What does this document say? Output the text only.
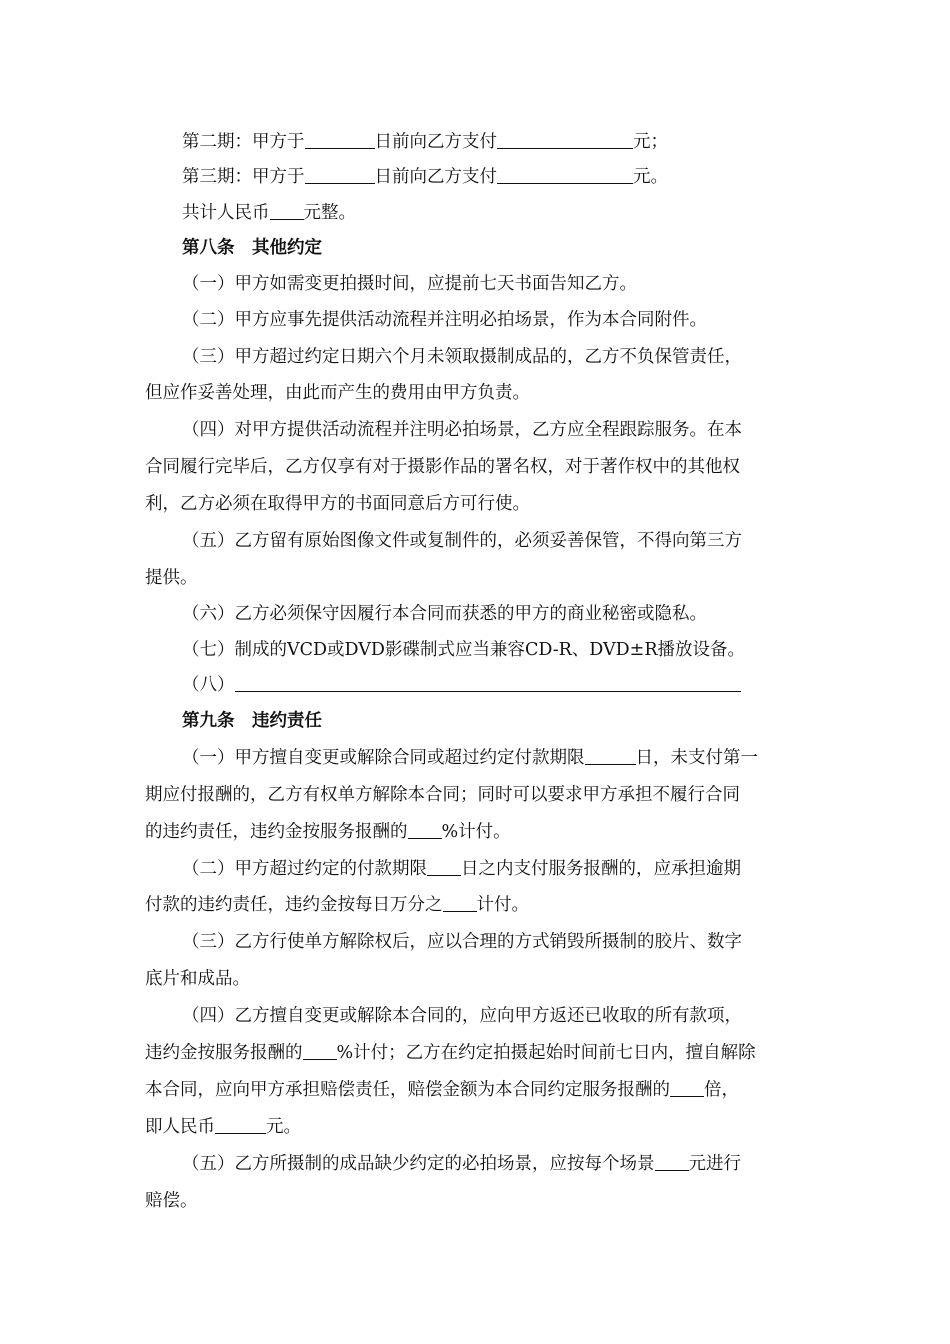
第二期：甲方于	日前向乙方支付	元；
第三期：甲方于	日前向乙方支付	元。
共计人民币 元整。
第八条　其他约定
（一）甲方如需变更拍摄时间，应提前七天书面告知乙方。
（二）甲方应事先提供活动流程并注明必拍场景，作为本合同附件。
（三）甲方超过约定日期六个月未领取摄制成品的，乙方不负保管责任，
但应作妥善处理，由此而产生的费用由甲方负责。
（四）对甲方提供活动流程并注明必拍场景，乙方应全程跟踪服务。在本
合同履行完毕后，乙方仅享有对于摄影作品的署名权，对于著作权中的其他权
利，乙方必须在取得甲方的书面同意后方可行使。
（五）乙方留有原始图像文件或复制件的，必须妥善保管，不得向第三方
提供。
（六）乙方必须保守因履行本合同而获悉的甲方的商业秘密或隐私。
（七）制成的VCD或DVD影碟制式应当兼容CD-R、DVD±R播放设备。
（八）
第九条　违约责任
（一）甲方擅自变更或解除合同或超过约定付款期限	日，未支付第一
期应付报酬的，乙方有权单方解除本合同；同时可以要求甲方承担不履行合同
的违约责任，违约金按服务报酬的 %计付。
（二）甲方超过约定的付款期限 日之内支付服务报酬的，应承担逾期
付款的违约责任，违约金按每日万分之 计付。
（三）乙方行使单方解除权后，应以合理的方式销毁所摄制的胶片、数字
底片和成品。
（四）乙方擅自变更或解除本合同的，应向甲方返还已收取的所有款项，
违约金按服务报酬的 %计付；乙方在约定拍摄起始时间前七日内，擅自解除
本合同，应向甲方承担赔偿责任，赔偿金额为本合同约定服务报酬的 倍，
即人民币	元。
（五）乙方所摄制的成品缺少约定的必拍场景，应按每个场景 元进行
赔偿。
